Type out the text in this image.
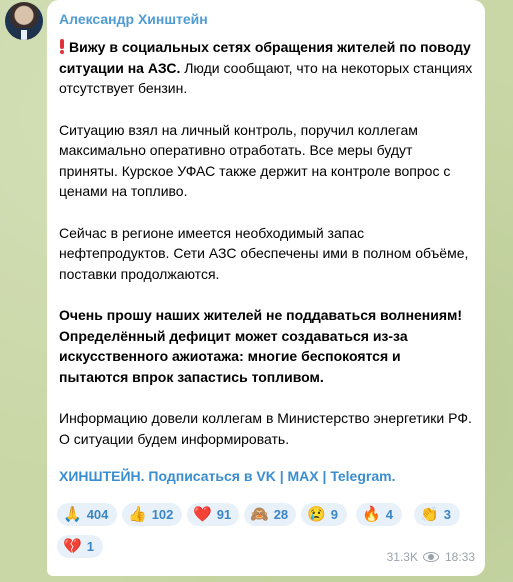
Александр Хинштейн

Вижу в социальных сетях обращения жителей по поводу ситуации на АЗС. Люди сообщают, что на некоторых станциях отсутствует бензин.

Ситуацию взял на личный контроль, поручил коллегам максимально оперативно отработать. Все меры будут приняты. Курское УФАС также держит на контроле вопрос с ценами на топливо.

Сейчас в регионе имеется необходимый запас нефтепродуктов. Сети АЗС обеспечены ими в полном объёме, поставки продолжаются.

Очень прошу наших жителей не поддаваться волнениям! Определённый дефицит может создаваться из-за искусственного ажиотажа: многие беспокоятся и пытаются впрок запастись топливом.

Информацию довели коллегам в Министерство энергетики РФ. О ситуации будем информировать.

ХИНШТЕЙН. Подписаться в VK | MAX | Telegram.
🙏 404 👍 102 ❤️ 91 🙈 28 😢 9 🔥 4 👏 3
💔 1
31.3K 18:33
